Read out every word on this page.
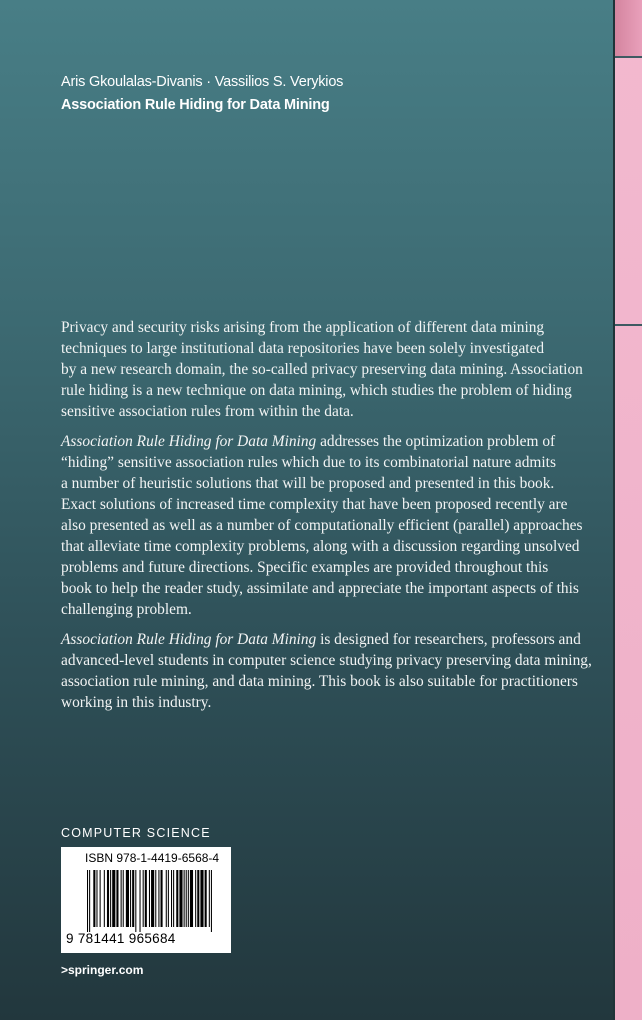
Aris Gkoulalas-Divanis · Vassilios S. Verykios
Association Rule Hiding for Data Mining

Privacy and security risks arising from the application of different data mining
techniques to large institutional data repositories have been solely investigated
by a new research domain, the so-called privacy preserving data mining. Association
rule hiding is a new technique on data mining, which studies the problem of hiding
sensitive association rules from within the data.

Association Rule Hiding for Data Mining addresses the optimization problem of
“hiding” sensitive association rules which due to its combinatorial nature admits
a number of heuristic solutions that will be proposed and presented in this book.
Exact solutions of increased time complexity that have been proposed recently are
also presented as well as a number of computationally efficient (parallel) approaches
that alleviate time complexity problems, along with a discussion regarding unsolved
problems and future directions. Specific examples are provided throughout this
book to help the reader study, assimilate and appreciate the important aspects of this
challenging problem.

Association Rule Hiding for Data Mining is designed for researchers, professors and
advanced-level students in computer science studying privacy preserving data mining,
association rule mining, and data mining. This book is also suitable for practitioners
working in this industry.

COMPUTER SCIENCE
ISBN 978-1-4419-6568-4
9 781441 965684
>springer.com
